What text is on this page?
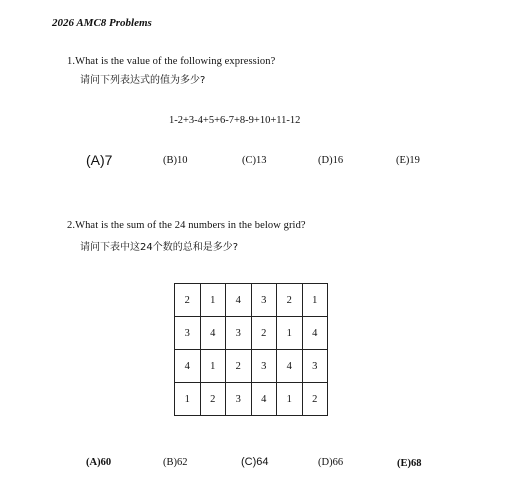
2026 AMC8 Problems
1.What is the value of the following expression?
请问下列表达式的值为多少?
1-2+3-4+5+6-7+8-9+10+11-12
(A)7	(B)10	(C)13	(D)16	(E)19
2.What is the sum of the 24 numbers in the below grid?
请问下表中这24个数的总和是多少?
2	1	4	3	2	1
3	4	3	2	1	4
4	1	2	3	4	3
1	2	3	4	1	2
(A)60	(B)62	(C)64	(D)66	(E)68
